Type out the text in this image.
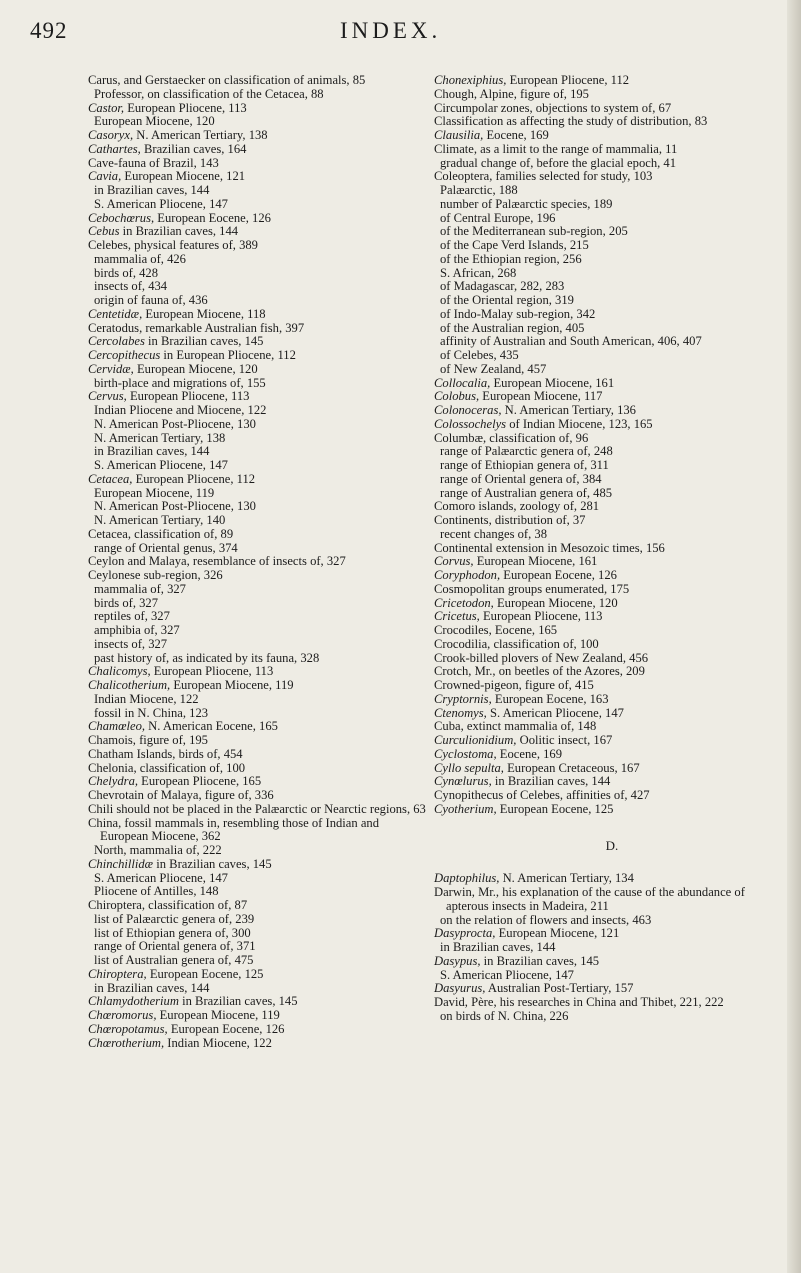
492	INDEX.
Carus, and Gerstaecker on classification of animals, 85
Professor, on classification of the Cetacea, 88
Castor, European Pliocene, 113
European Miocene, 120
Casoryx, N. American Tertiary, 138
Cathartes, Brazilian caves, 164
Cave-fauna of Brazil, 143
Cavia, European Miocene, 121
in Brazilian caves, 144
S. American Pliocene, 147
Cebochœrus, European Eocene, 126
Cebus in Brazilian caves, 144
Celebes, physical features of, 389
mammalia of, 426
birds of, 428
insects of, 434
origin of fauna of, 436
Centetidæ, European Miocene, 118
Ceratodus, remarkable Australian fish, 397
Cercolabes in Brazilian caves, 145
Cercopithecus in European Pliocene, 112
Cervidæ, European Miocene, 120
birth-place and migrations of, 155
Cervus, European Pliocene, 113
Indian Pliocene and Miocene, 122
N. American Post-Pliocene, 130
N. American Tertiary, 138
in Brazilian caves, 144
S. American Pliocene, 147
Cetacea, European Pliocene, 112
European Miocene, 119
N. American Post-Pliocene, 130
N. American Tertiary, 140
Cetacea, classification of, 89
range of Oriental genus, 374
Ceylon and Malaya, resemblance of insects of, 327
Ceylonese sub-region, 326
mammalia of, 327
birds of, 327
reptiles of, 327
amphibia of, 327
insects of, 327
past history of, as indicated by its fauna, 328
Chalicomys, European Pliocene, 113
Chalicotherium, European Miocene, 119
Indian Miocene, 122
fossil in N. China, 123
Chamœleo, N. American Eocene, 165
Chamois, figure of, 195
Chatham Islands, birds of, 454
Chelonia, classification of, 100
Chelydra, European Pliocene, 165
Chevrotain of Malaya, figure of, 336
Chili should not be placed in the Palæarctic or Nearctic regions, 63
China, fossil mammals in, resembling those of Indian and European Miocene, 362
North, mammalia of, 222
Chinchillidæ in Brazilian caves, 145
S. American Pliocene, 147
Pliocene of Antilles, 148
Chiroptera, classification of, 87
list of Palæarctic genera of, 239
list of Ethiopian genera of, 300
range of Oriental genera of, 371
list of Australian genera of, 475
Chiroptera, European Eocene, 125
in Brazilian caves, 144
Chlamydotherium in Brazilian caves, 145
Chœromorus, European Miocene, 119
Chœropotamus, European Eocene, 126
Chœrotherium, Indian Miocene, 122
Chonexiphius, European Pliocene, 112
Chough, Alpine, figure of, 195
Circumpolar zones, objections to system of, 67
Classification as affecting the study of distribution, 83
Clausilia, Eocene, 169
Climate, as a limit to the range of mammalia, 11
gradual change of, before the glacial epoch, 41
Coleoptera, families selected for study, 103
Palæarctic, 188
number of Palæarctic species, 189
of Central Europe, 196
of the Mediterranean sub-region, 205
of the Cape Verd Islands, 215
of the Ethiopian region, 256
S. African, 268
of Madagascar, 282, 283
of the Oriental region, 319
of Indo-Malay sub-region, 342
of the Australian region, 405
affinity of Australian and South American, 406, 407
of Celebes, 435
of New Zealand, 457
Collocalia, European Miocene, 161
Colobus, European Miocene, 117
Colonoceras, N. American Tertiary, 136
Colossochelys of Indian Miocene, 123, 165
Columbæ, classification of, 96
range of Palæarctic genera of, 248
range of Ethiopian genera of, 311
range of Oriental genera of, 384
range of Australian genera of, 485
Comoro islands, zoology of, 281
Continents, distribution of, 37
recent changes of, 38
Continental extension in Mesozoic times, 156
Corvus, European Miocene, 161
Coryphodon, European Eocene, 126
Cosmopolitan groups enumerated, 175
Cricetodon, European Miocene, 120
Cricetus, European Pliocene, 113
Crocodiles, Eocene, 165
Crocodilia, classification of, 100
Crook-billed plovers of New Zealand, 456
Crotch, Mr., on beetles of the Azores, 209
Crowned-pigeon, figure of, 415
Cryptornis, European Eocene, 163
Ctenomys, S. American Pliocene, 147
Cuba, extinct mammalia of, 148
Curculionidium, Oolitic insect, 167
Cyclostoma, Eocene, 169
Cyllo sepulta, European Cretaceous, 167
Cynœlurus, in Brazilian caves, 144
Cynopithecus of Celebes, affinities of, 427
Cyotherium, European Eocene, 125
D.
Daptophilus, N. American Tertiary, 134
Darwin, Mr., his explanation of the cause of the abundance of apterous insects in Madeira, 211
on the relation of flowers and insects, 463
Dasyprocta, European Miocene, 121
in Brazilian caves, 144
Dasypus, in Brazilian caves, 145
S. American Pliocene, 147
Dasyurus, Australian Post-Tertiary, 157
David, Père, his researches in China and Thibet, 221, 222
on birds of N. China, 226
